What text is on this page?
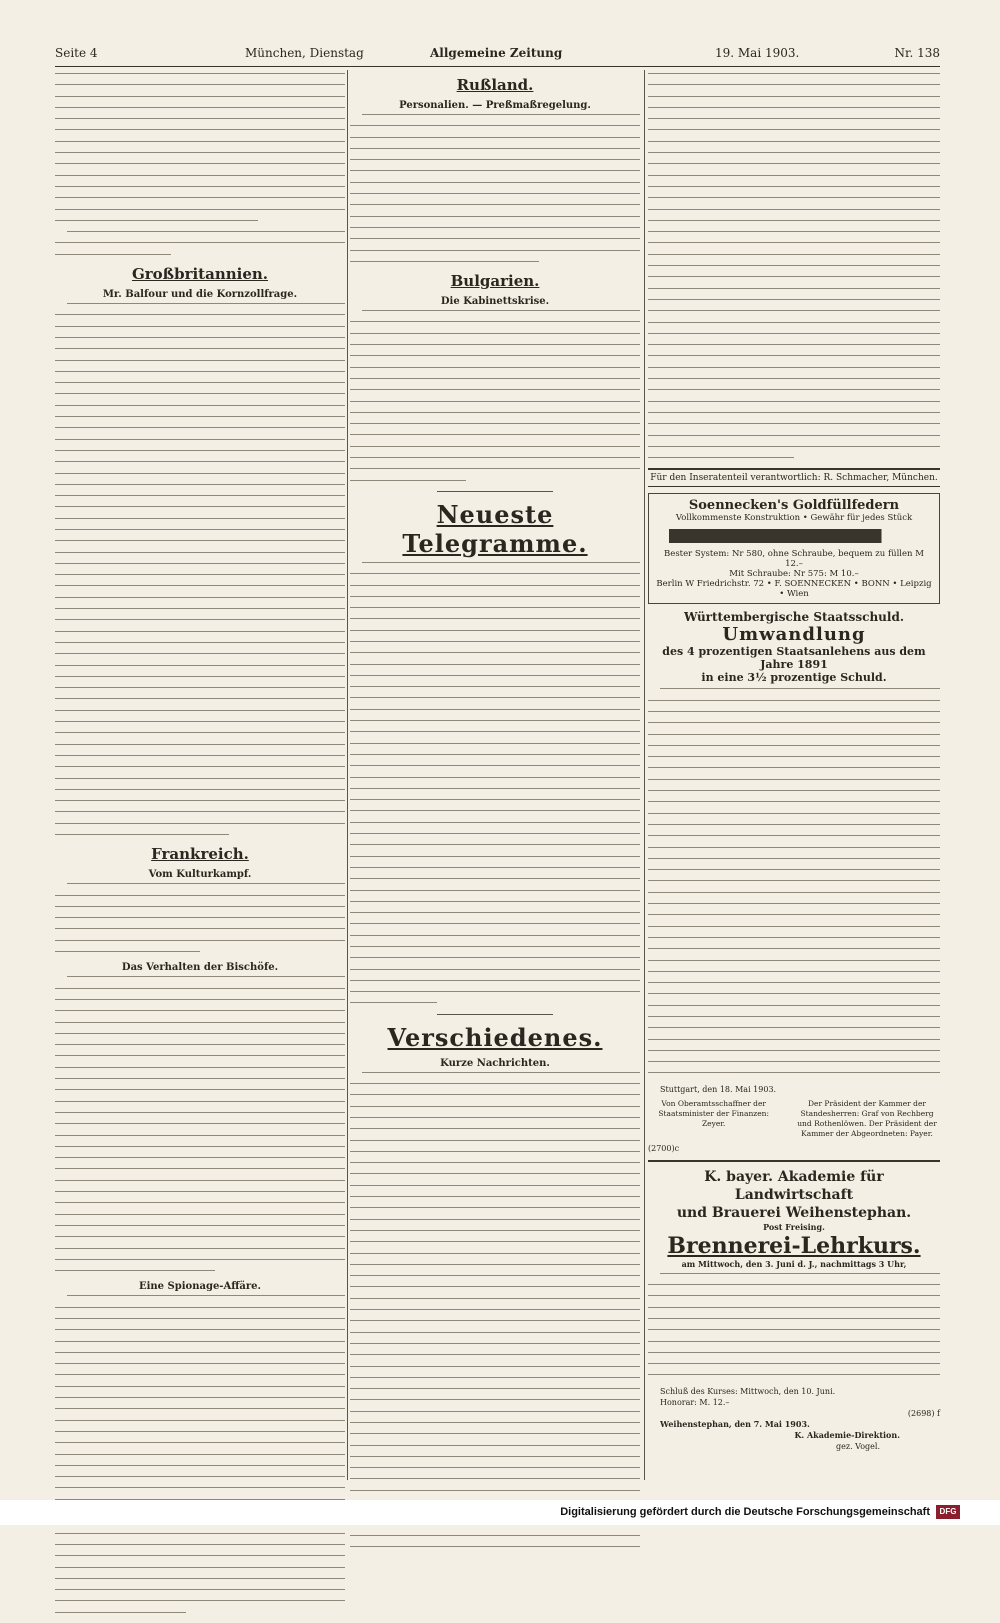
Seite 4	München, Dienstag	Allgemeine Zeitung	19. Mai 1903.	Nr. 138
Großbritannien.
Mr. Balfour und die Kornzollfrage.
Frankreich.
Vom Kulturkampf.
Das Verhalten der Bischöfe.
Eine Spionage-Affäre.
Rußland.
Personalien. — Preßmaßregelung.
Bulgarien.
Die Kabinettskrise.
Neueste Telegramme.
Verschiedenes.
Kurze Nachrichten.
Für den Inseratenteil verantwortlich: R. Schmacher, München.
Soennecken's Goldfüllfedern
Vollkommenste Konstruktion • Gewähr für jedes Stück
Bester System: Nr 580, ohne Schraube, bequem zu füllen M 12.–
Mit Schraube: Nr 575: M 10.–
Berlin W Friedrichstr. 72 • F. SOENNECKEN • BONN • Leipzig • Wien
Württembergische Staatsschuld.
Umwandlung
des 4 prozentigen Staatsanlehens aus dem Jahre 1891
in eine 3½ prozentige Schuld.
Stuttgart, den 18. Mai 1903.
Von Oberamtsschaffner der Staatsminister der Finanzen: Zeyer.
Der Präsident der Kammer der Standesherren: Graf von Rechberg und Rothenlöwen. Der Präsident der Kammer der Abgeordneten: Payer.
(2700)c
K. bayer. Akademie für Landwirtschaft
und Brauerei Weihenstephan.
Post Freising.
Brennerei-Lehrkurs.
am Mittwoch, den 3. Juni d. J., nachmittags 3 Uhr,
Schluß des Kurses: Mittwoch, den 10. Juni.
Honorar: M. 12.–
(2698) f
Weihenstephan, den 7. Mai 1903.
K. Akademie-Direktion.
gez. Vogel.
Digitalisierung gefördert durch die Deutsche Forschungsgemeinschaft	DFG
